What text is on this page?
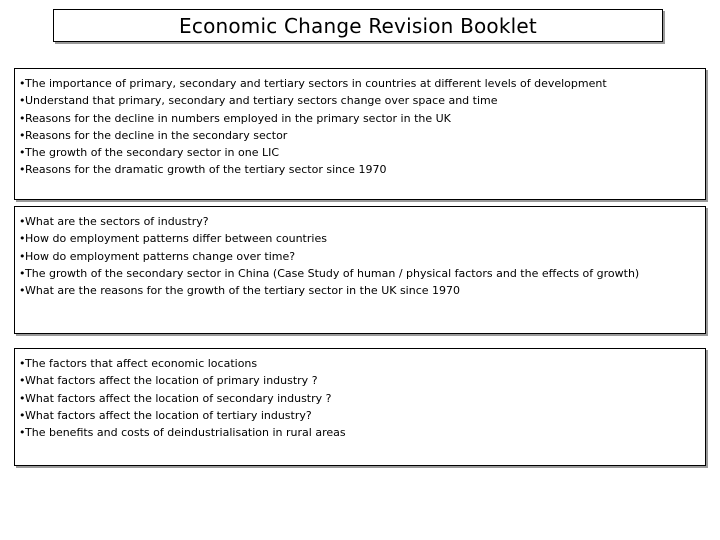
Economic Change Revision Booklet
•The importance of primary, secondary and tertiary sectors in countries at different levels of development
•Understand that primary, secondary and tertiary sectors change over space and time
•Reasons for the decline in numbers employed in the primary sector in the UK
•Reasons for the decline in the secondary sector
•The growth of the secondary sector in one LIC
•Reasons for the dramatic growth of the tertiary sector since 1970
•What are the sectors of industry?
•How do employment patterns differ between countries
•How do employment patterns change over time?
•The growth of the secondary sector in China (Case Study of human / physical factors and the effects of growth)
•What are the reasons for the growth of the tertiary sector in the UK since 1970
•The factors that affect economic locations
•What factors affect the location of primary industry ?
•What factors affect the location of secondary industry ?
•What factors affect the location of tertiary industry?
•The benefits and costs of deindustrialisation in rural areas
